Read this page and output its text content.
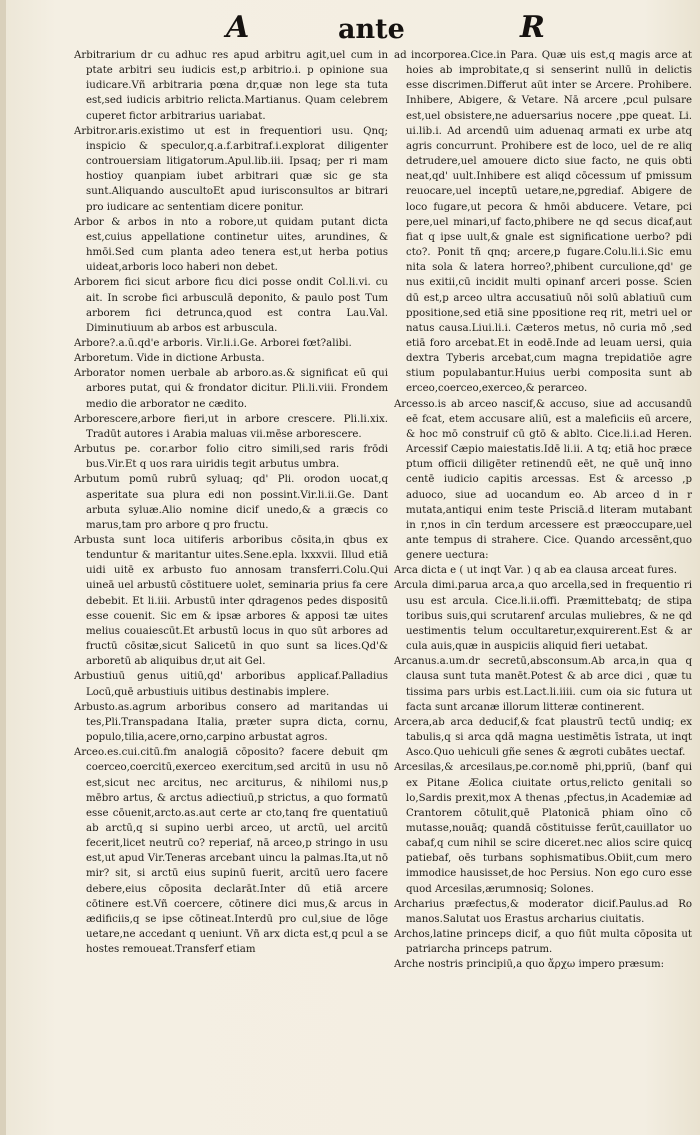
A	ante	R

Arbitrarium dr cu adhuc res apud arbitru agit,uel cum in ptate arbitri seu iudicis est,p arbitrio.i. p opinione sua iudicare.Vñ arbitraria pœna dr,quæ non lege sta tuta est,sed iudicis arbitrio relicta.Martianus. Quam celebrem cuperet fictor arbitrarius uariabat.

Arbitror.aris.existimo ut est in frequentiori usu. Qnq; inspicio & speculor,q.a.f.arbitraf.i.explorat diligenter controuersiam litigatorum.Apul.lib.iii. Ipsaq; per ri mam hostioy quanpiam iubet arbitrari quæ sic ge sta sunt.Aliquando auscultoEt apud iurisconsultos ar bitrari pro iudicare ac sententiam dicere ponitur.

Arbor & arbos in nto a robore,ut quidam putant dicta est,cuius appellatione continetur uites, arundines, & hmōi.Sed cum planta adeo tenera est,ut herba potius uideat,arboris loco haberi non debet.

Arborem fici sicut arbore ficu dici posse ondit Col.li.vi. cu ait. In scrobe fici arbusculā deponito, & paulo post Tum arborem fici detrunca,quod est contra Lau.Val. Diminutiuum ab arbos est arbuscula.

Arbore?.a.ū.qd'e arboris. Vir.li.i.Ge. Arborei fœt?alibi.

Arboretum. Vide in dictione Arbusta.

Arborator nomen uerbale ab arboro.as.& significat eū qui arbores putat, qui & frondator dicitur. Pli.li.viii. Frondem medio die arborator ne cædito.

Arborescere,arbore fieri,ut in arbore crescere. Pli.li.xix. Tradūt autores i Arabia maluas vii.mēse arborescere.

Arbutus pe. cor.arbor folio citro simili,sed raris frōdi bus.Vir.Et q uos rara uiridis tegit arbutus umbra.

Arbutum pomū rubrū syluaq; qd' Pli. orodon uocat,q asperitate sua plura edi non possint.Vir.li.ii.Ge. Dant arbuta syluæ.Alio nomine dicif unedo,& a græcis co marus,tam pro arbore q pro fructu.

Arbusta sunt loca uitiferis arboribus cōsita,in qbus ex tenduntur & maritantur uites.Sene.epla. lxxxvii. Illud etiā uidi uitē ex arbusto fuo annosam transferri.Colu.Qui uineā uel arbustū cōstituere uolet, seminaria prius fa cere debebit. Et li.iii. Arbustū inter qdragenos pedes dispositū esse couenit. Sic em & ipsæ arbores & apposi tæ uites melius couaiescūt.Et arbustū locus in quo sūt arbores ad fructū cōsitæ,sicut Salicetū in quo sunt sa lices.Qd'& arboretū ab aliquibus dr,ut ait Gel.

Arbustiuū genus uitiū,qd' arboribus applicaf.Palladius Locū,quē arbustiuis uitibus destinabis implere.

Arbusto.as.agrum arboribus consero ad maritandas ui tes,Pli.Transpadana Italia, præter supra dicta, cornu, populo,tilia,acere,orno,carpino arbustat agros.

Arceo.es.cui.citū.fm analogiā cōposito? facere debuit qm coerceo,coercitū,exerceo exercitum,sed arcitū in usu nō est,sicut nec arcitus, nec arciturus, & nihilomi nus,p mēbro artus, & arctus adiectiuū,p strictus, a quo formatū esse cōuenit,arcto.as.aut certe ar cto,tanq fre quentatiuū ab arctū,q si supino uerbi arceo, ut arctū, uel arcitū fecerit,licet neutrū co? reperiaf, nā arceo,p stringo in usu est,ut apud Vir.Teneras arcebant uincu la palmas.Ita,ut nō mir? sit, si arctū eius supinū fuerit, arcitū uero facere debere,eius cōposita declarāt.Inter dū etiā arcere cōtinere est.Vñ coercere, cōtinere dici mus,& arcus in ædificiis,q se ipse cōtineat.Interdū pro cul,siue de lōge uetare,ne accedant q ueniunt. Vñ arx dicta est,q pcul a se hostes remoueat.Transferf etiam

ad incorporea.Cice.in Para. Quæ uis est,q magis arce at hoies ab improbitate,q si senserint nullū in delictis esse discrimen.Differut aūt inter se Arcere. Prohibere. Inhibere, Abigere, & Vetare. Nā arcere ,pcul pulsare est,uel obsistere,ne aduersarius nocere ,ppe queat. Li. ui.lib.i. Ad arcendū uim aduenaq armati ex urbe atq agris concurrunt. Prohibere est de loco, uel de re aliq detrudere,uel amouere dicto siue facto, ne quis obti neat,qd' uult.Inhibere est aliqd cōcessum uf pmissum reuocare,uel inceptū uetare,ne,pgrediaf. Abigere de loco fugare,ut pecora & hmōi abducere. Vetare, pci pere,uel minari,uf facto,phibere ne qd secus dicaf,aut fiat q ipse uult,& gnale est significatione uerbo? pdi cto?. Ponit tñ qnq; arcere,p fugare.Colu.li.i.Sic emu nita sola & latera horreo?,phibent curculione,qd' ge nus exitii,cū incidit multi opinanf arceri posse. Scien dū est,p arceo ultra accusatiuū nōi solū ablatiuū cum ppositione,sed etiā sine ppositione req rit, metri uel or natus causa.Liui.li.i. Cæteros metus, nō curia mō ,sed etiā foro arcebat.Et in eodē.Inde ad leuam uersi, quia dextra Tyberis arcebat,cum magna trepidatiōe agre stium populabantur.Huius uerbi composita sunt ab erceo,coerceo,exerceo,& perarceo.

Arcesso.is ab arceo nascif,& accuso, siue ad accusandū eē fcat, etem accusare aliū, est a maleficiis eū arcere, & hoc mō construif cū gtō & ablto. Cice.li.i.ad Heren. Arcessif Cæpio maiestatis.Idē li.ii. A tq; etiā hoc præce ptum officii diligēter retinendū eēt, ne quē unq̄ inno centē iudicio capitis arcessas. Est & arcesso ,p aduoco, siue ad uocandum eo. Ab arceo d in r mutata,antiqui enim teste Prisciā.d literam mutabant in r,nos in cīn terdum arcessere est præoccupare,uel ante tempus di strahere. Cice. Quando arcessēnt,quo genere uectura:

Arca dicta e ( ut inqt Var. ) q ab ea clausa arceat fures.

Arcula dimi.parua arca,a quo arcella,sed in frequentio ri usu est arcula. Cice.li.ii.offi. Præmittebatq; de stipa toribus suis,qui scrutarenf arculas muliebres, & ne qd uestimentis telum occultaretur,exquirerent.Est & ar cula auis,quæ in auspiciis aliquid fieri uetabat.

Arcanus.a.um.dr secretū,absconsum.Ab arca,in qua q clausa sunt tuta manēt.Potest & ab arce dici , quæ tu tissima pars urbis est.Lact.li.iiii. cum oia sic futura ut facta sunt arcanæ illorum litteræ continerent.

Arcera,ab arca deducif,& fcat plaustrū tectū undiq; ex tabulis,q si arca qdā magna uestimētis īstrata, ut inqt Asco.Quo uehiculi gñe senes & ægroti cubātes uectaf.

Arcesilas,& arcesilaus,pe.cor.nomē phi,ppriū, (banf qui ex Pitane Æolica ciuitate ortus,relicto genitali so lo,Sardis prexit,mox A thenas ,pfectus,in Academiæ ad Crantorem cōtulit,quē Platonicā phiam oīno cō mutasse,nouāq; quandā cōstituisse ferūt,cauillator uo cabaf,q cum nihil se scire diceret.nec alios scire quicq patiebaf, oēs turbans sophismatibus.Obiit,cum mero immodice hausisset,de hoc Persius. Non ego curo esse quod Arcesilas,ærumnosiq; Solones.

Archarius præfectus,& moderator dicif.Paulus.ad Ro manos.Salutat uos Erastus archarius ciuitatis.

Archos,latine princeps dicif, a quo fiūt multa cōposita ut patriarcha princeps patrum.

Arche nostris principiū,a quo ἄρχω impero præsum:
